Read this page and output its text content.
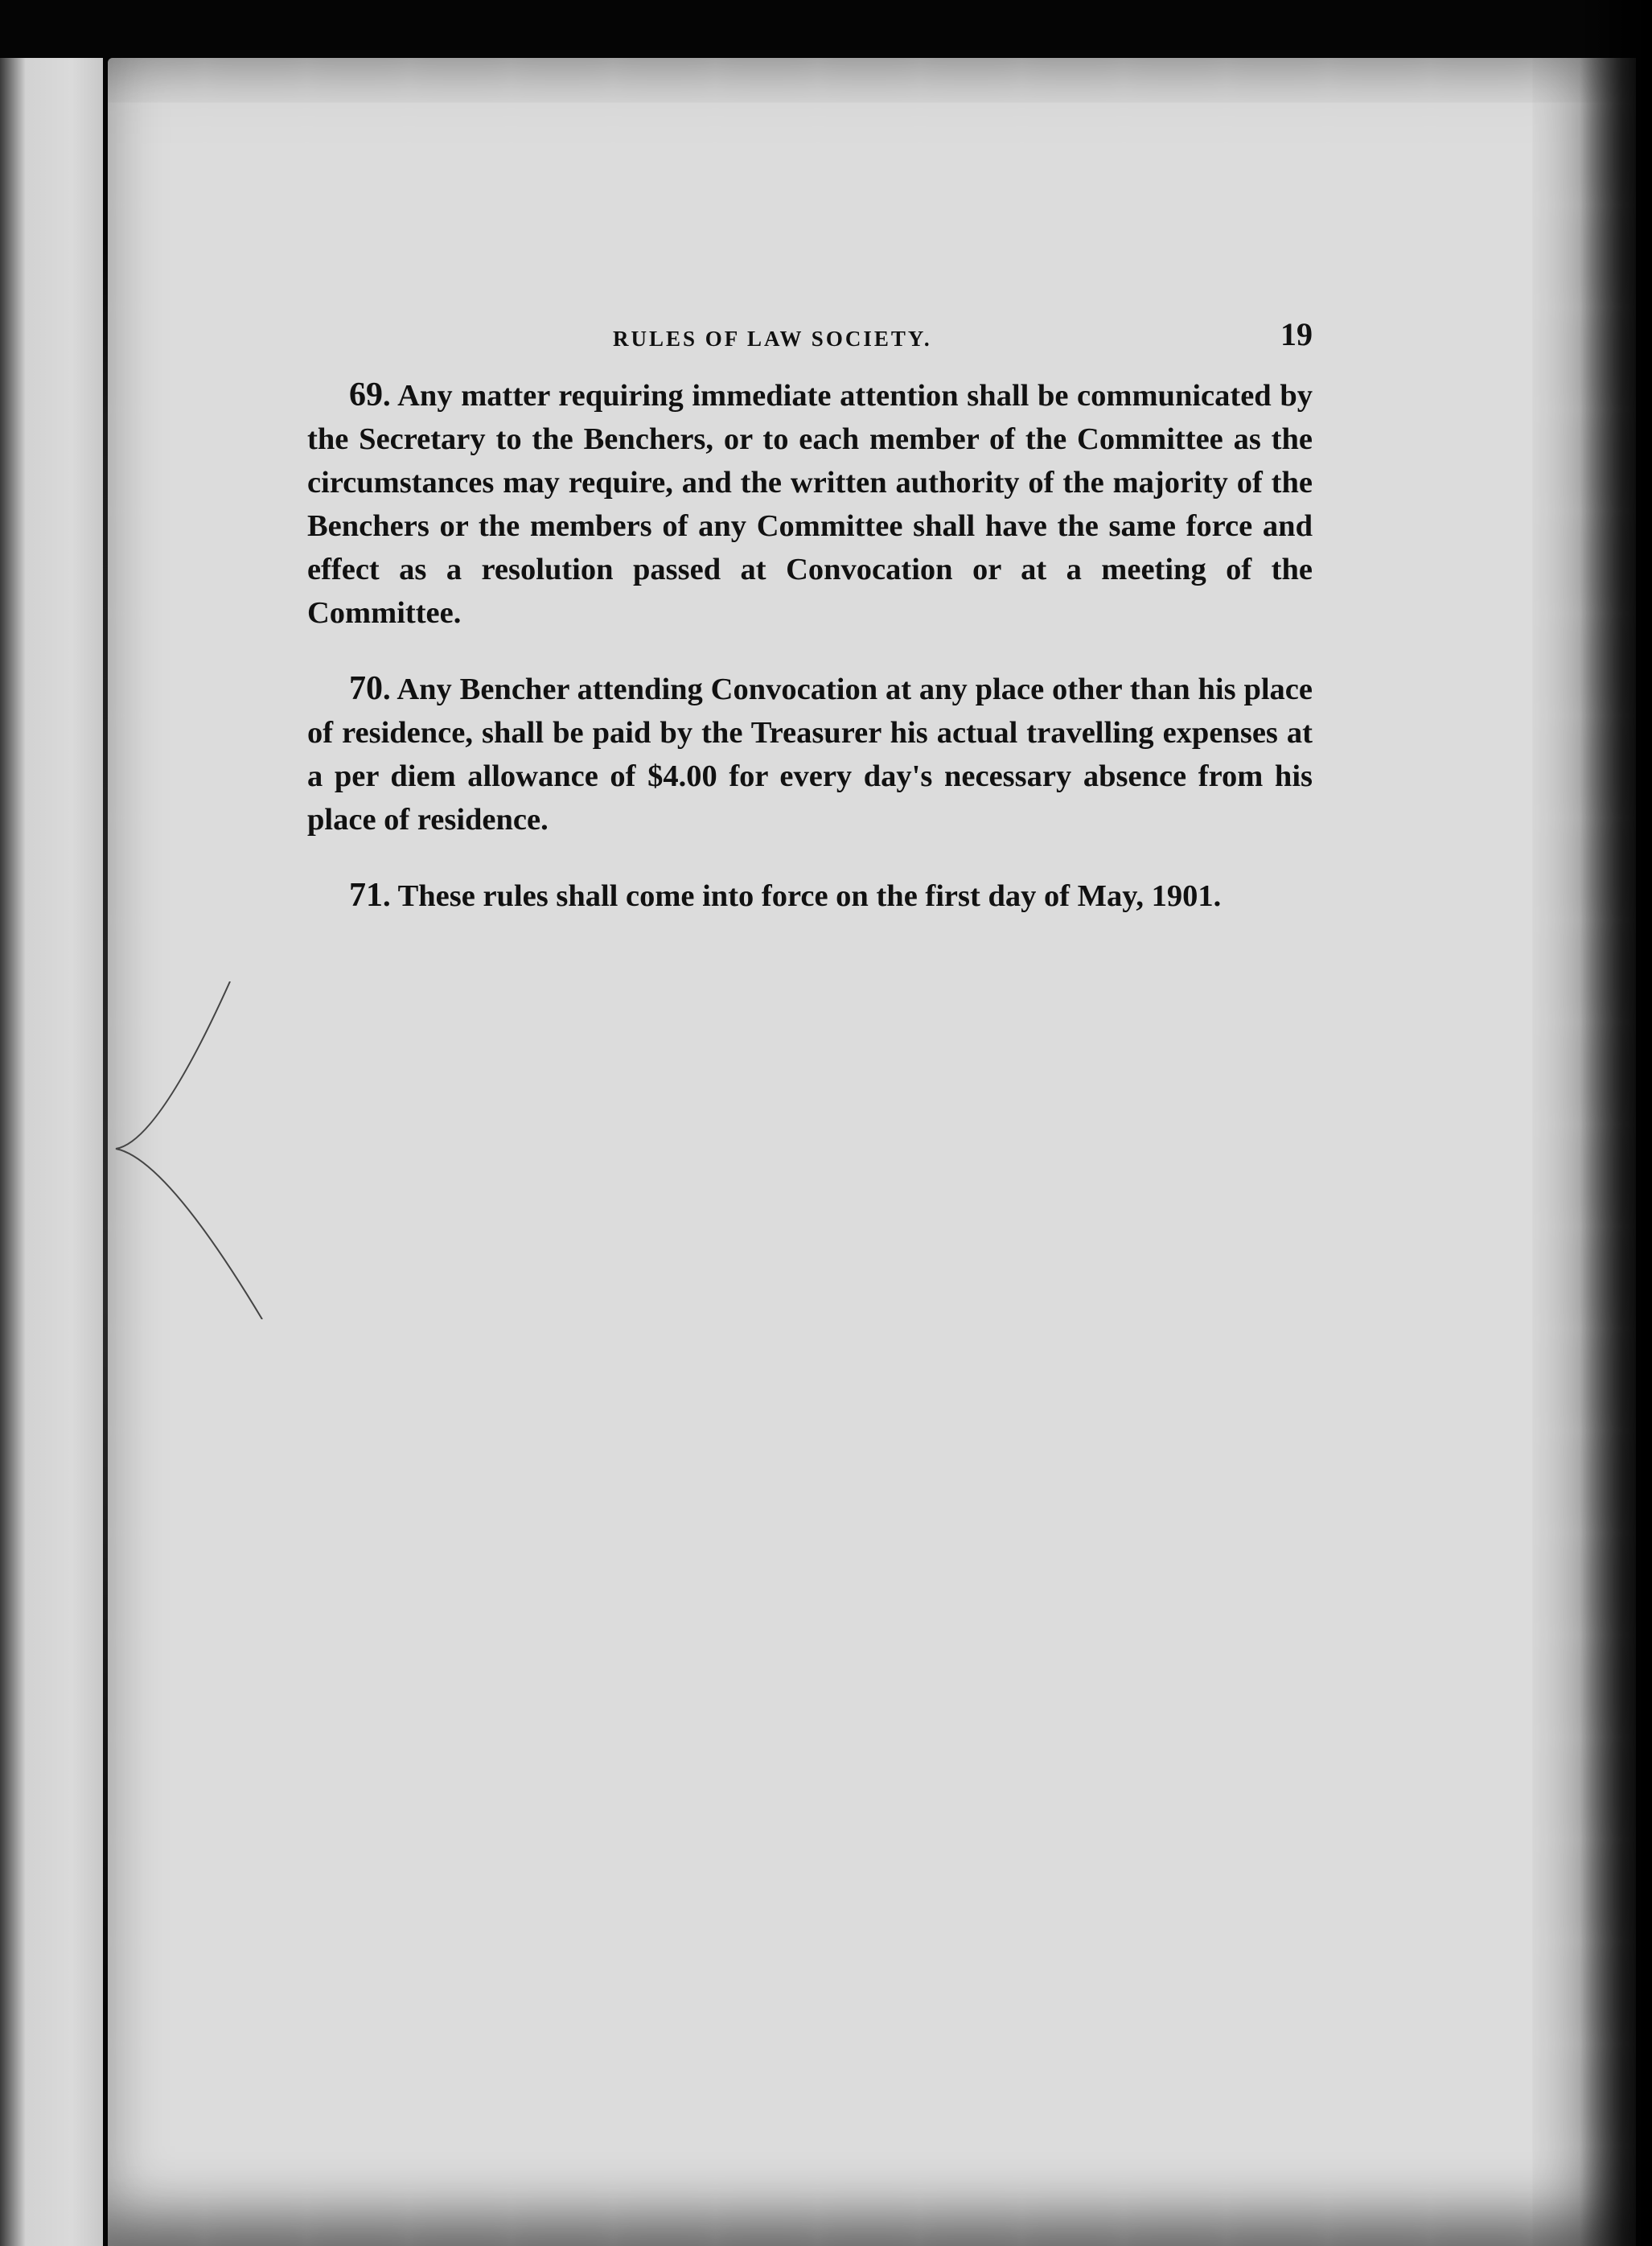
RULES OF LAW SOCIETY.	19

69. Any matter requiring immediate attention shall be communicated by the Secretary to the Benchers, or to each member of the Committee as the circumstances may require, and the written authority of the majority of the Benchers or the members of any Committee shall have the same force and effect as a resolution passed at Convocation or at a meeting of the Committee.

70. Any Bencher attending Convocation at any place other than his place of residence, shall be paid by the Treasurer his actual travelling expenses at a per diem allowance of $4.00 for every day's necessary absence from his place of residence.

71. These rules shall come into force on the first day of May, 1901.
